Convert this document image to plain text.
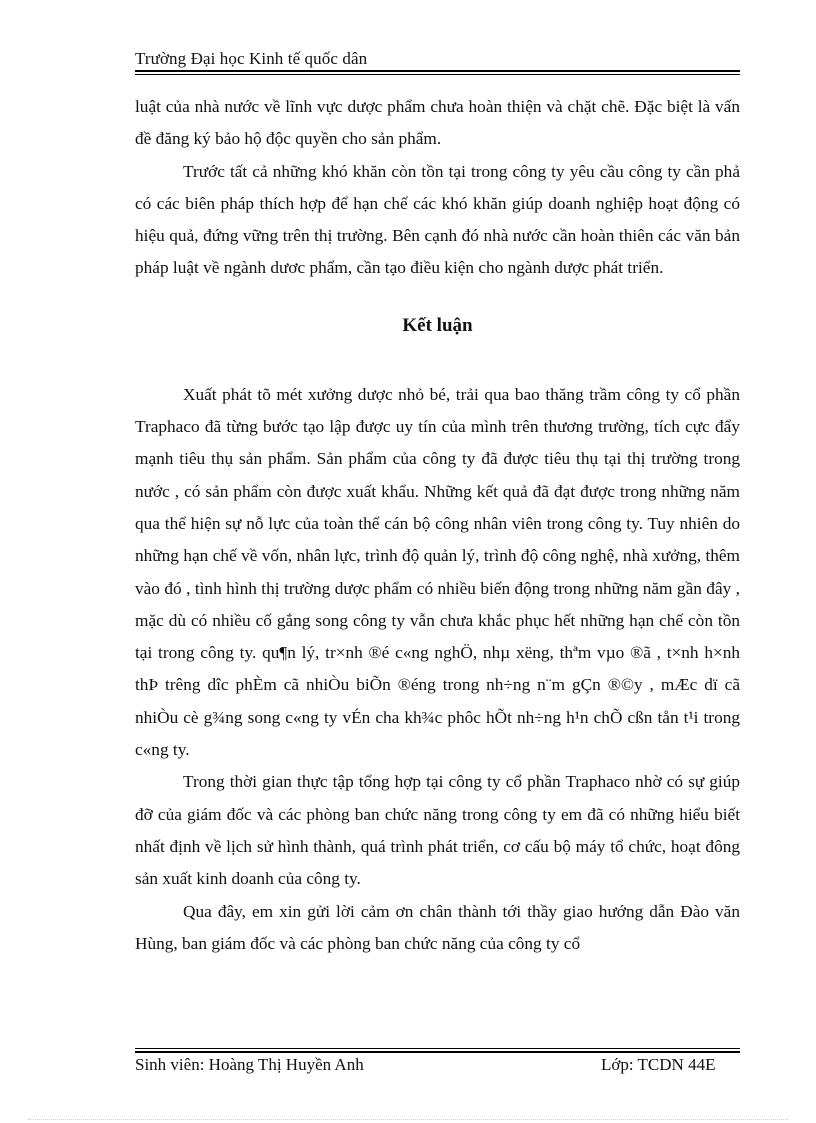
Trường Đại học Kinh tế quốc dân

luật của nhà nước về lĩnh vực dược phẩm chưa hoàn thiện và chặt chẽ. Đặc biệt là vấn đề đăng ký bảo hộ độc quyền cho sản phẩm.

Trước tất cả những khó khăn còn tồn tại trong công ty yêu cầu công ty cần phả có các biên pháp thích hợp để hạn chế các khó khăn giúp doanh nghiệp hoạt động có hiệu quả, đứng vững trên thị trường. Bên cạnh đó nhà nước cần hoàn thiên các văn bản pháp luật về ngành dươc phẩm, cần tạo điều kiện cho ngành dược phát triển.

Kết luận

Xuất phát tõ mét xưởng dược nhỏ bé, trải qua bao thăng trầm công ty cổ phần Traphaco đã từng bước tạo lập được uy tín của mình trên thương trường, tích cực đẩy mạnh tiêu thụ sản phẩm. Sản phẩm của công ty đã được tiêu thụ tại thị trường trong nước , có sản phẩm còn được xuất khẩu. Những kết quả đã đạt được trong những năm qua thể hiện sự nỗ lực của toàn thể cán bộ công nhân viên trong công ty. Tuy nhiên do những hạn chế về vốn, nhân lực, trình độ quản lý, trình độ công nghệ, nhà xưởng, thêm vào đó , tình hình thị trường dược phẩm có nhiều biến động trong những năm gần đây , mặc dù có nhiều cố gắng song công ty vẫn chưa khắc phục hết những hạn chế còn tồn tại trong công ty. qu¶n lý, tr×nh ®é c«ng nghÖ, nhµ xëng, thªm vµo ®ã , t×nh h×nh thÞ trêng dîc phÈm cã nhiÒu biÕn ®éng trong nh÷ng n¨m gÇn ®©y , mÆc dï cã nhiÒu cè g¾ng song c«ng ty vÉn cha kh¾c phôc hÕt nh÷ng h¹n chÕ cßn tån t¹i trong c«ng ty.

Trong thời gian thực tập tổng hợp tại công ty cổ phần Traphaco nhờ có sự giúp đỡ của giám đốc và các phòng ban chức năng trong công ty em đã có những hiểu biết nhất định về lịch sử hình thành, quá trình phát triển, cơ cấu bộ máy tổ chức, hoạt đông sản xuất kinh doanh của công ty.

Qua đây, em xin gửi lời cảm ơn chân thành tới thầy giao hướng dẫn Đào văn Hùng, ban giám đốc và các phòng ban chức năng của công ty cổ

Sinh viên: Hoàng Thị Huyền Anh	Lớp: TCDN 44E
